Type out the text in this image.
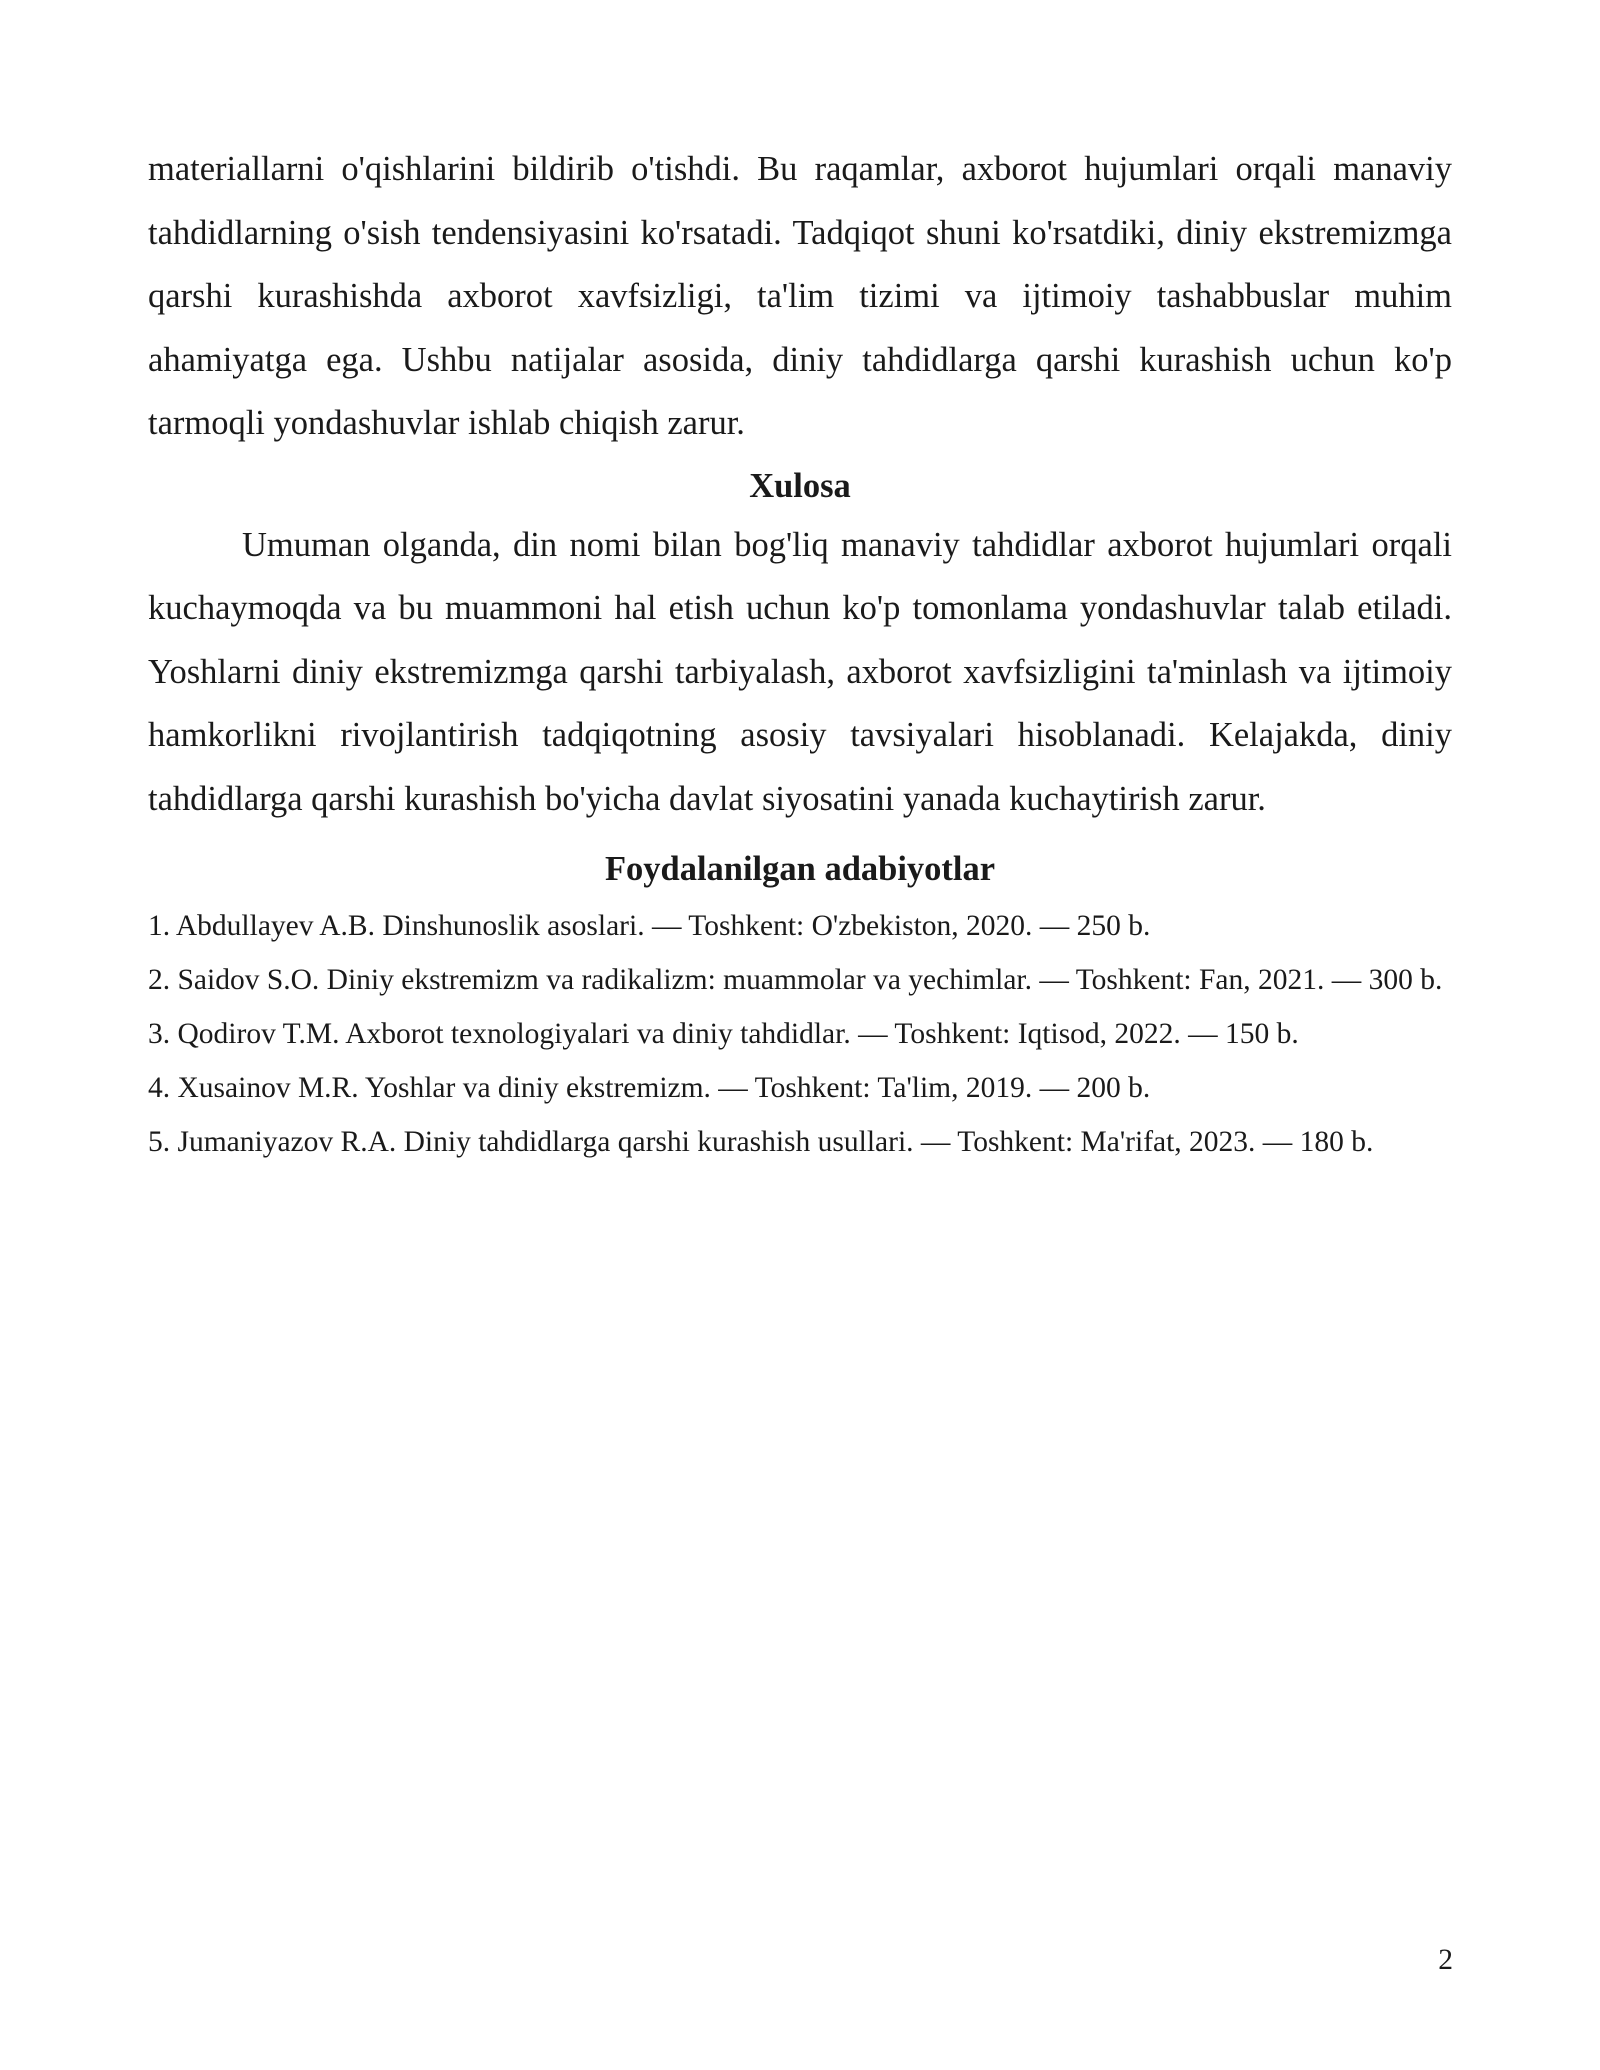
materiallarni o'qishlarini bildirib o'tishdi. Bu raqamlar, axborot hujumlari orqali manaviy tahdidlarning o'sish tendensiyasini ko'rsatadi. Tadqiqot shuni ko'rsatdiki, diniy ekstremizmga qarshi kurashishda axborot xavfsizligi, ta'lim tizimi va ijtimoiy tashabbuslar muhim ahamiyatga ega. Ushbu natijalar asosida, diniy tahdidlarga qarshi kurashish uchun ko'p tarmoqli yondashuvlar ishlab chiqish zarur.

Xulosa

Umuman olganda, din nomi bilan bog'liq manaviy tahdidlar axborot hujumlari orqali kuchaymoqda va bu muammoni hal etish uchun ko'p tomonlama yondashuvlar talab etiladi. Yoshlarni diniy ekstremizmga qarshi tarbiyalash, axborot xavfsizligini ta'minlash va ijtimoiy hamkorlikni rivojlantirish tadqiqotning asosiy tavsiyalari hisoblanadi. Kelajakda, diniy tahdidlarga qarshi kurashish bo'yicha davlat siyosatini yanada kuchaytirish zarur.

Foydalanilgan adabiyotlar
1. Abdullayev A.B. Dinshunoslik asoslari. — Toshkent: O'zbekiston, 2020. — 250 b.
2. Saidov S.O. Diniy ekstremizm va radikalizm: muammolar va yechimlar. — Toshkent: Fan, 2021. — 300 b.
3. Qodirov T.M. Axborot texnologiyalari va diniy tahdidlar. — Toshkent: Iqtisod, 2022. — 150 b.
4. Xusainov M.R. Yoshlar va diniy ekstremizm. — Toshkent: Ta'lim, 2019. — 200 b.
5. Jumaniyazov R.A. Diniy tahdidlarga qarshi kurashish usullari. — Toshkent: Ma'rifat, 2023. — 180 b.
2
